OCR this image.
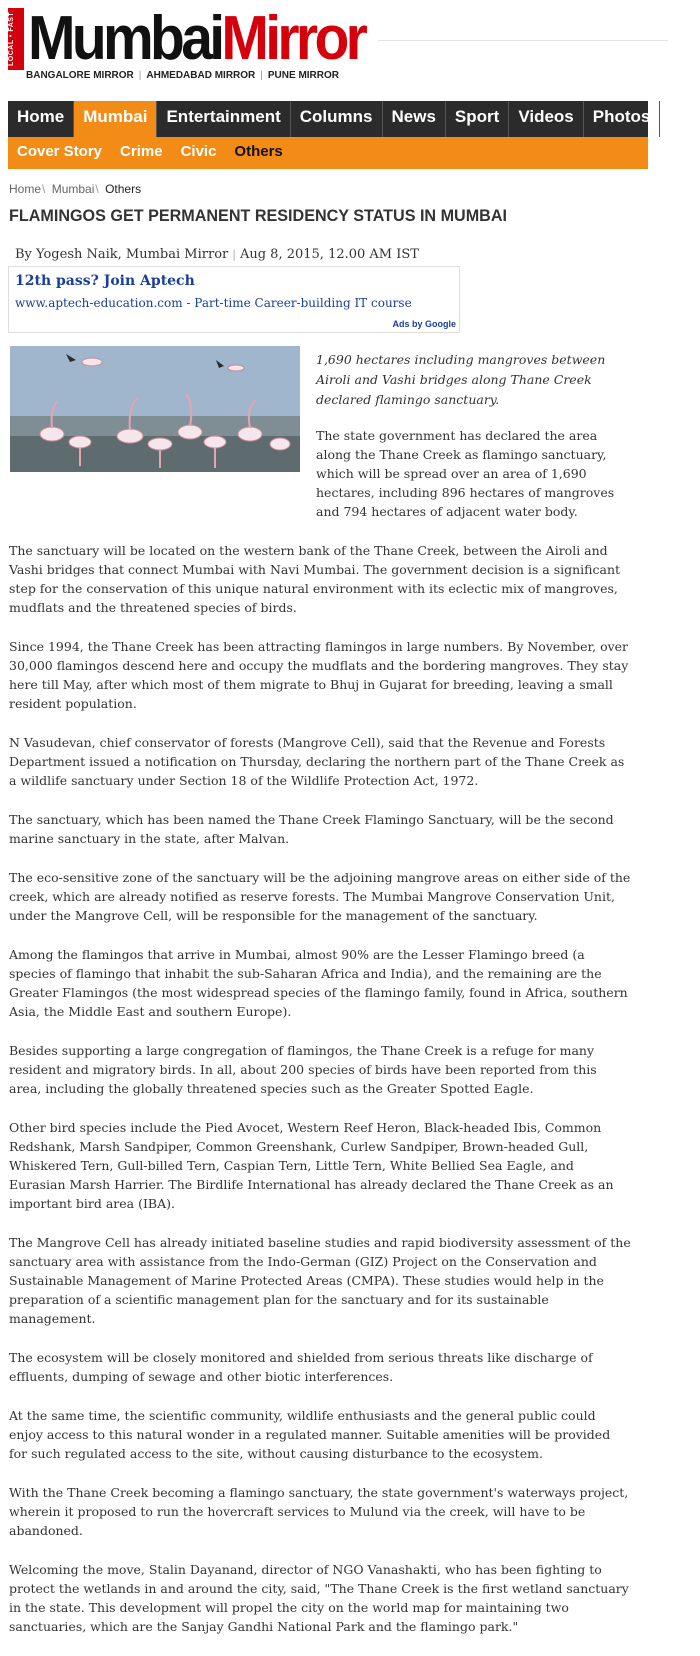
LOCAL • FAST MumbaiMirror
BANGALORE MIRROR | AHMEDABAD MIRROR | PUNE MIRROR
Home	Mumbai	Entertainment	Columns	News	Sport	Videos	Photos	All
Cover Story	Crime	Civic	Others
Home\ Mumbai\ Others
FLAMINGOS GET PERMANENT RESIDENCY STATUS IN MUMBAI
By Yogesh Naik, Mumbai Mirror | Aug 8, 2015, 12.00 AM IST
12th pass? Join Aptech
www.aptech-education.com - Part-time Career-building IT course
Ads by Google
1,690 hectares including mangroves between Airoli and Vashi bridges along Thane Creek declared flamingo sanctuary.

The state government has declared the area along the Thane Creek as flamingo sanctuary, which will be spread over an area of 1,690 hectares, including 896 hectares of mangroves and 794 hectares of adjacent water body.

The sanctuary will be located on the western bank of the Thane Creek, between the Airoli and Vashi bridges that connect Mumbai with Navi Mumbai. The government decision is a significant step for the conservation of this unique natural environment with its eclectic mix of mangroves, mudflats and the threatened species of birds.

Since 1994, the Thane Creek has been attracting flamingos in large numbers. By November, over 30,000 flamingos descend here and occupy the mudflats and the bordering mangroves. They stay here till May, after which most of them migrate to Bhuj in Gujarat for breeding, leaving a small resident population.

N Vasudevan, chief conservator of forests (Mangrove Cell), said that the Revenue and Forests Department issued a notification on Thursday, declaring the northern part of the Thane Creek as a wildlife sanctuary under Section 18 of the Wildlife Protection Act, 1972.

The sanctuary, which has been named the Thane Creek Flamingo Sanctuary, will be the second marine sanctuary in the state, after Malvan.

The eco-sensitive zone of the sanctuary will be the adjoining mangrove areas on either side of the creek, which are already notified as reserve forests. The Mumbai Mangrove Conservation Unit, under the Mangrove Cell, will be responsible for the management of the sanctuary.

Among the flamingos that arrive in Mumbai, almost 90% are the Lesser Flamingo breed (a species of flamingo that inhabit the sub-Saharan Africa and India), and the remaining are the Greater Flamingos (the most widespread species of the flamingo family, found in Africa, southern Asia, the Middle East and southern Europe).

Besides supporting a large congregation of flamingos, the Thane Creek is a refuge for many resident and migratory birds. In all, about 200 species of birds have been reported from this area, including the globally threatened species such as the Greater Spotted Eagle.

Other bird species include the Pied Avocet, Western Reef Heron, Black-headed Ibis, Common Redshank, Marsh Sandpiper, Common Greenshank, Curlew Sandpiper, Brown-headed Gull, Whiskered Tern, Gull-billed Tern, Caspian Tern, Little Tern, White Bellied Sea Eagle, and Eurasian Marsh Harrier. The Birdlife International has already declared the Thane Creek as an important bird area (IBA).

The Mangrove Cell has already initiated baseline studies and rapid biodiversity assessment of the sanctuary area with assistance from the Indo-German (GIZ) Project on the Conservation and Sustainable Management of Marine Protected Areas (CMPA). These studies would help in the preparation of a scientific management plan for the sanctuary and for its sustainable management.

The ecosystem will be closely monitored and shielded from serious threats like discharge of effluents, dumping of sewage and other biotic interferences.

At the same time, the scientific community, wildlife enthusiasts and the general public could enjoy access to this natural wonder in a regulated manner. Suitable amenities will be provided for such regulated access to the site, without causing disturbance to the ecosystem.

With the Thane Creek becoming a flamingo sanctuary, the state government's waterways project, wherein it proposed to run the hovercraft services to Mulund via the creek, will have to be abandoned.

Welcoming the move, Stalin Dayanand, director of NGO Vanashakti, who has been fighting to protect the wetlands in and around the city, said, "The Thane Creek is the first wetland sanctuary in the state. This development will propel the city on the world map for maintaining two sanctuaries, which are the Sanjay Gandhi National Park and the flamingo park."
